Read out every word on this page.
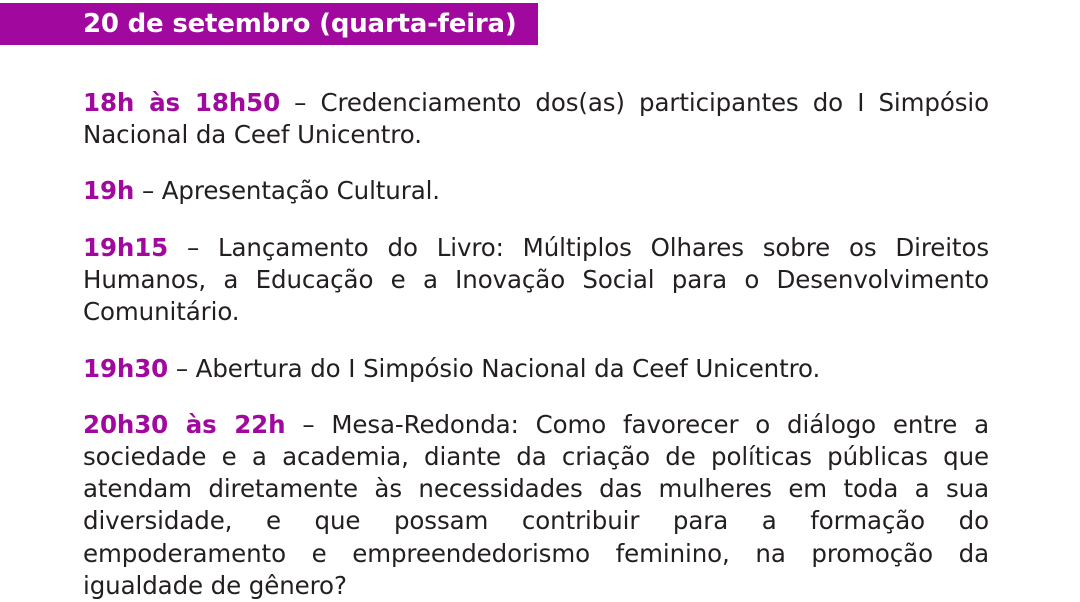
20 de setembro (quarta-feira)

18h às 18h50 – Credenciamento dos(as) participantes do I Simpósio Nacional da Ceef Unicentro.

19h – Apresentação Cultural.

19h15 – Lançamento do Livro: Múltiplos Olhares sobre os Direitos Humanos, a Educação e a Inovação Social para o Desenvolvimento Comunitário.

19h30 – Abertura do I Simpósio Nacional da Ceef Unicentro.

20h30 às 22h – Mesa-Redonda: Como favorecer o diálogo entre a sociedade e a academia, diante da criação de políticas públicas que atendam diretamente às necessidades das mulheres em toda a sua diversidade, e que possam contribuir para a formação do empoderamento e empreendedorismo feminino, na promoção da igualdade de gênero?
